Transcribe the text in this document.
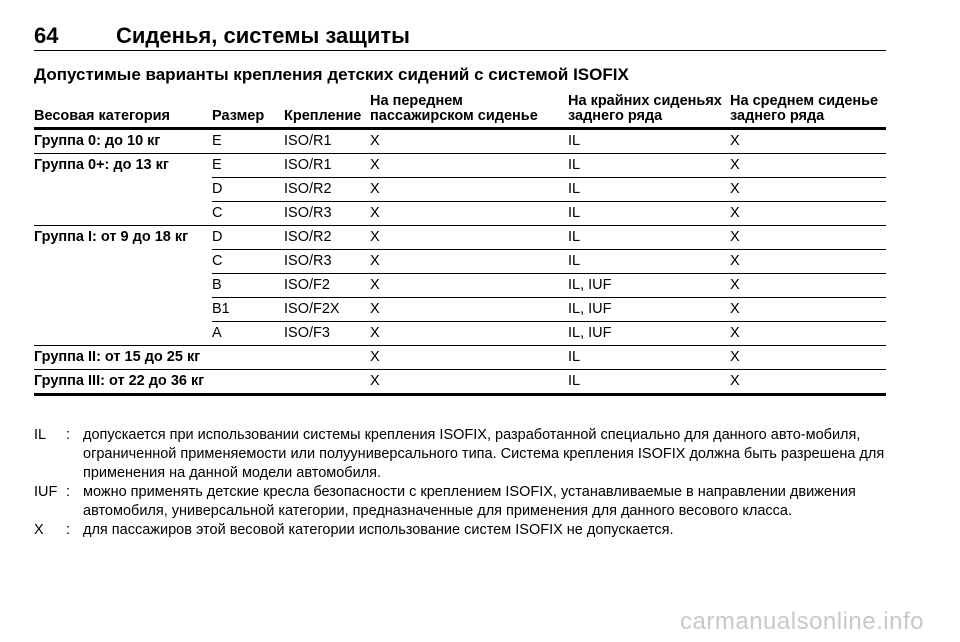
64	Сиденья, системы защиты
Допустимые варианты крепления детских сидений с системой ISOFIX
Весовая категория	Размер	Крепление	На переднем пассажирском сиденье	На крайних сиденьях заднего ряда	На среднем сиденье заднего ряда
Группа 0: до 10 кг	E	ISO/R1	X	IL	X
Группа 0+: до 13 кг	E	ISO/R1	X	IL	X
	D	ISO/R2	X	IL	X
	C	ISO/R3	X	IL	X
Группа I: от 9 до 18 кг	D	ISO/R2	X	IL	X
	C	ISO/R3	X	IL	X
	B	ISO/F2	X	IL, IUF	X
	B1	ISO/F2X	X	IL, IUF	X
	A	ISO/F3	X	IL, IUF	X
Группа II: от 15 до 25 кг			X	IL	X
Группа III: от 22 до 36 кг			X	IL	X
IL	: допускается при использовании системы крепления ISOFIX, разработанной специально для данного авто-мобиля, ограниченной применяемости или полууниверсального типа. Система крепления ISOFIX должна быть разрешена для применения на данной модели автомобиля.
IUF : можно применять детские кресла безопасности с креплением ISOFIX, устанавливаемые в направлении движения автомобиля, универсальной категории, предназначенные для применения для данного весового класса.
X	: для пассажиров этой весовой категории использование систем ISOFIX не допускается.
carmanualsonline.info
